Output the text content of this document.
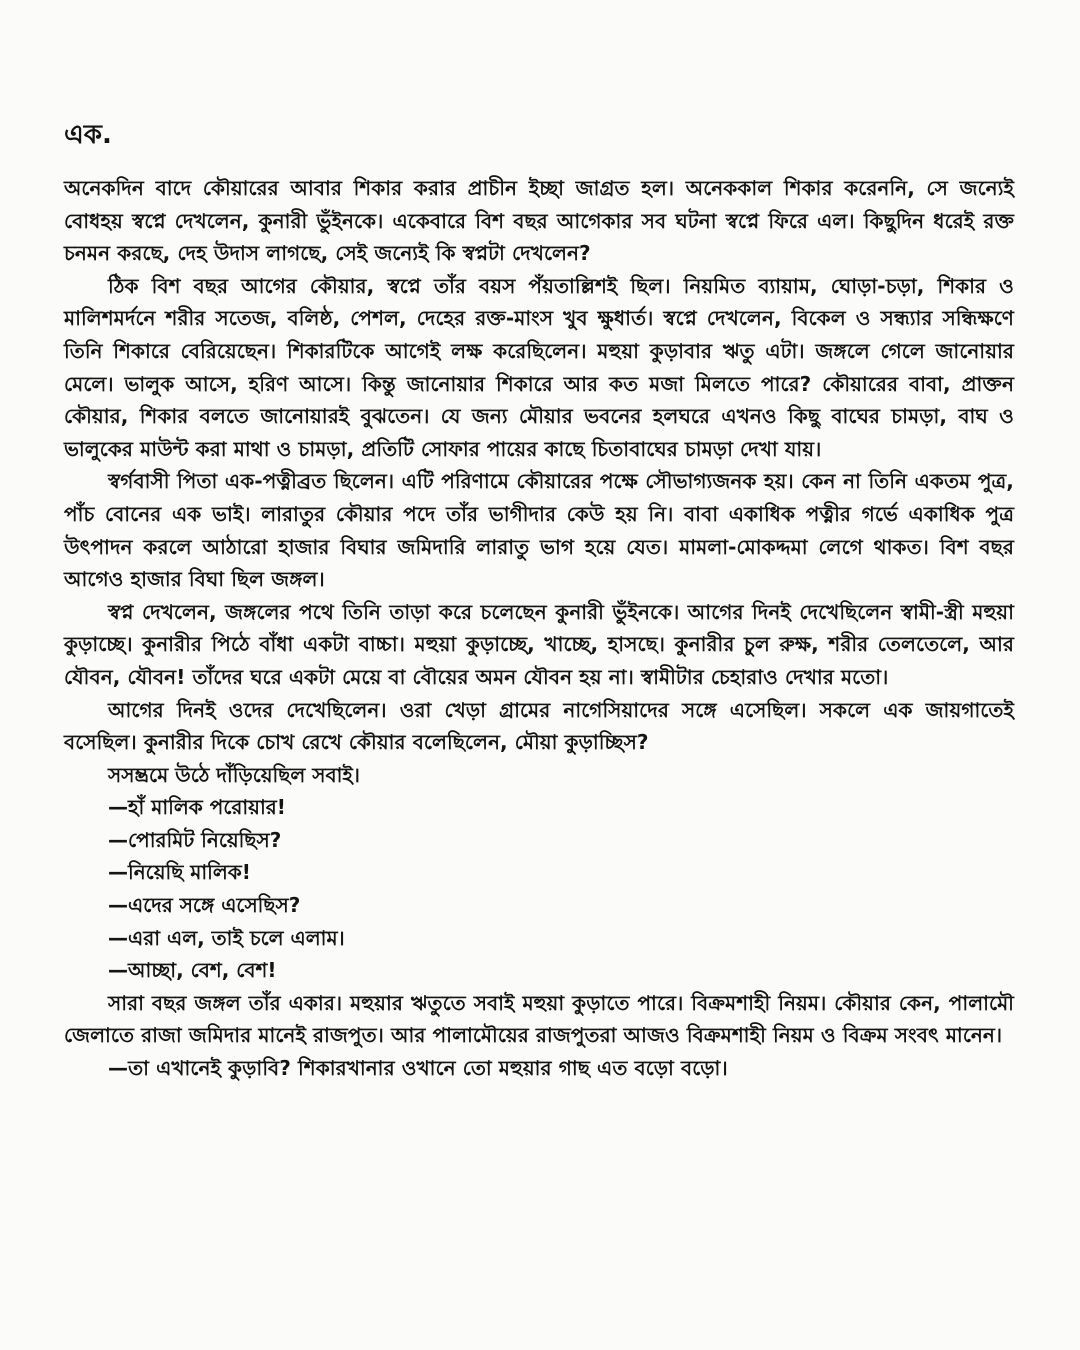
এক.

অনেকদিন বাদে কৌয়ারের আবার শিকার করার প্রাচীন ইচ্ছা জাগ্রত হল। অনেককাল শিকার করেননি, সে জন্যেই বোধহয় স্বপ্নে দেখলেন, কুনারী ভুঁইনকে। একেবারে বিশ বছর আগেকার সব ঘটনা স্বপ্নে ফিরে এল। কিছুদিন ধরেই রক্ত চনমন করছে, দেহ উদাস লাগছে, সেই জন্যেই কি স্বপ্নটা দেখলেন?

ঠিক বিশ বছর আগের কৌয়ার, স্বপ্নে তাঁর বয়স পঁয়তাল্লিশই ছিল। নিয়মিত ব্যায়াম, ঘোড়া-চড়া, শিকার ও মালিশমর্দনে শরীর সতেজ, বলিষ্ঠ, পেশল, দেহের রক্ত-মাংস খুব ক্ষুধার্ত। স্বপ্নে দেখলেন, বিকেল ও সন্ধ্যার সন্ধিক্ষণে তিনি শিকারে বেরিয়েছেন। শিকারটিকে আগেই লক্ষ করেছিলেন। মহুয়া কুড়াবার ঋতু এটা। জঙ্গলে গেলে জানোয়ার মেলে। ভালুক আসে, হরিণ আসে। কিন্তু জানোয়ার শিকারে আর কত মজা মিলতে পারে? কৌয়ারের বাবা, প্রাক্তন কৌয়ার, শিকার বলতে জানোয়ারই বুঝতেন। যে জন্য মৌয়ার ভবনের হলঘরে এখনও কিছু বাঘের চামড়া, বাঘ ও ভালুকের মাউন্ট করা মাথা ও চামড়া, প্রতিটি সোফার পায়ের কাছে চিতাবাঘের চামড়া দেখা যায়।

স্বর্গবাসী পিতা এক-পত্নীব্রত ছিলেন। এটি পরিণামে কৌয়ারের পক্ষে সৌভাগ্যজনক হয়। কেন না তিনি একতম পুত্র, পাঁচ বোনের এক ভাই। লারাতুর কৌয়ার পদে তাঁর ভাগীদার কেউ হয় নি। বাবা একাধিক পত্নীর গর্ভে একাধিক পুত্র উৎপাদন করলে আঠারো হাজার বিঘার জমিদারি লারাতু ভাগ হয়ে যেত। মামলা-মোকদ্দমা লেগে থাকত। বিশ বছর আগেও হাজার বিঘা ছিল জঙ্গল।

স্বপ্ন দেখলেন, জঙ্গলের পথে তিনি তাড়া করে চলেছেন কুনারী ভুঁইনকে। আগের দিনই দেখেছিলেন স্বামী-স্ত্রী মহুয়া কুড়াচ্ছে। কুনারীর পিঠে বাঁধা একটা বাচ্চা। মহুয়া কুড়াচ্ছে, খাচ্ছে, হাসছে। কুনারীর চুল রুক্ষ, শরীর তেলতেলে, আর যৌবন, যৌবন! তাঁদের ঘরে একটা মেয়ে বা বৌয়ের অমন যৌবন হয় না। স্বামীটার চেহারাও দেখার মতো।

আগের দিনই ওদের দেখেছিলেন। ওরা খেড়া গ্রামের নাগেসিয়াদের সঙ্গে এসেছিল। সকলে এক জায়গাতেই বসেছিল। কুনারীর দিকে চোখ রেখে কৌয়ার বলেছিলেন, মৌয়া কুড়াচ্ছিস?

সসম্ভ্রমে উঠে দাঁড়িয়েছিল সবাই।

—হাঁ মালিক পরোয়ার!

—পোরমিট নিয়েছিস?

—নিয়েছি মালিক!

—এদের সঙ্গে এসেছিস?

—এরা এল, তাই চলে এলাম।

—আচ্ছা, বেশ, বেশ!

সারা বছর জঙ্গল তাঁর একার। মহুয়ার ঋতুতে সবাই মহুয়া কুড়াতে পারে। বিক্রমশাহী নিয়ম। কৌয়ার কেন, পালামৌ জেলাতে রাজা জমিদার মানেই রাজপুত। আর পালামৌয়ের রাজপুতরা আজও বিক্রমশাহী নিয়ম ও বিক্রম সংবৎ মানেন।

—তা এখানেই কুড়াবি? শিকারখানার ওখানে তো মহুয়ার গাছ এত বড়ো বড়ো।
